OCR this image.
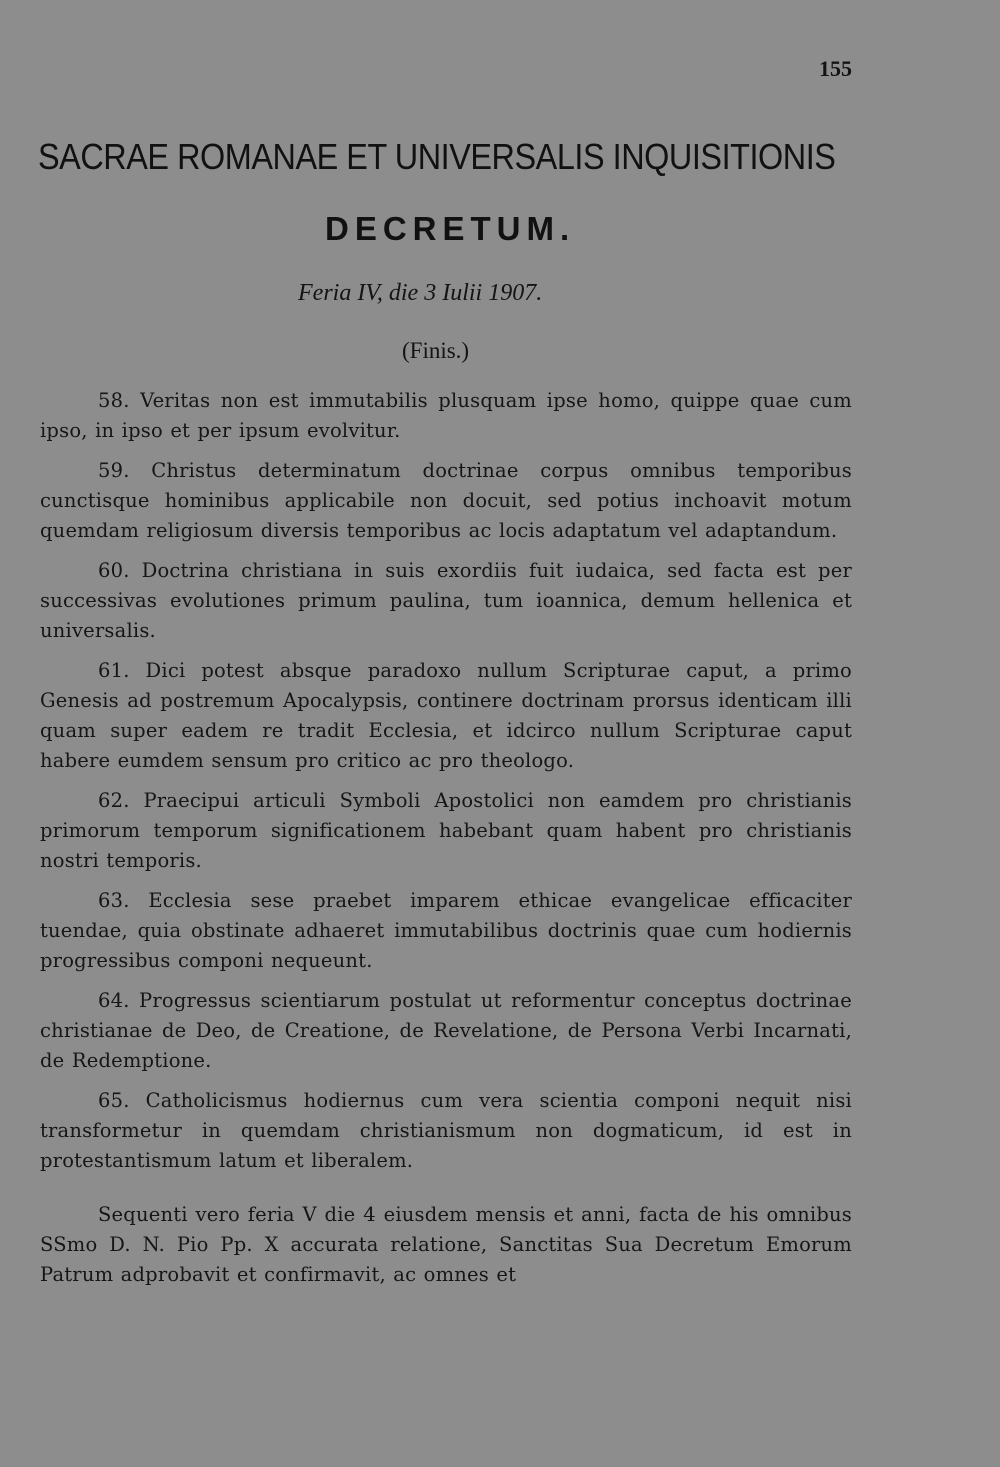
155
SACRAE ROMANAE ET UNIVERSALIS INQUISITIONIS
DECRETUM.
Feria IV, die 3 Iulii 1907.
(Finis.)

58. Veritas non est immutabilis plusquam ipse homo, quippe quae cum ipso, in ipso et per ipsum evolvitur.

59. Christus determinatum doctrinae corpus omnibus temporibus cunctisque hominibus applicabile non docuit, sed potius inchoavit motum quemdam religiosum diversis temporibus ac locis adaptatum vel adaptandum.

60. Doctrina christiana in suis exordiis fuit iudaica, sed facta est per successivas evolutiones primum paulina, tum ioannica, demum hellenica et universalis.

61. Dici potest absque paradoxo nullum Scripturae caput, a primo Genesis ad postremum Apocalypsis, continere doctrinam prorsus identicam illi quam super eadem re tradit Ecclesia, et idcirco nullum Scripturae caput habere eumdem sensum pro critico ac pro theologo.

62. Praecipui articuli Symboli Apostolici non eamdem pro christianis primorum temporum significationem habebant quam habent pro christianis nostri temporis.

63. Ecclesia sese praebet imparem ethicae evangelicae efficaciter tuendae, quia obstinate adhaeret immutabilibus doctrinis quae cum hodiernis progressibus componi nequeunt.

64. Progressus scientiarum postulat ut reformentur conceptus doctrinae christianae de Deo, de Creatione, de Revelatione, de Persona Verbi Incarnati, de Redemptione.

65. Catholicismus hodiernus cum vera scientia componi nequit nisi transformetur in quemdam christianismum non dogmaticum, id est in protestantismum latum et liberalem.

Sequenti vero feria V die 4 eiusdem mensis et anni, facta de his omnibus SSmo D. N. Pio Pp. X accurata relatione, Sanctitas Sua Decretum Emorum Patrum adprobavit et confirmavit, ac omnes et
